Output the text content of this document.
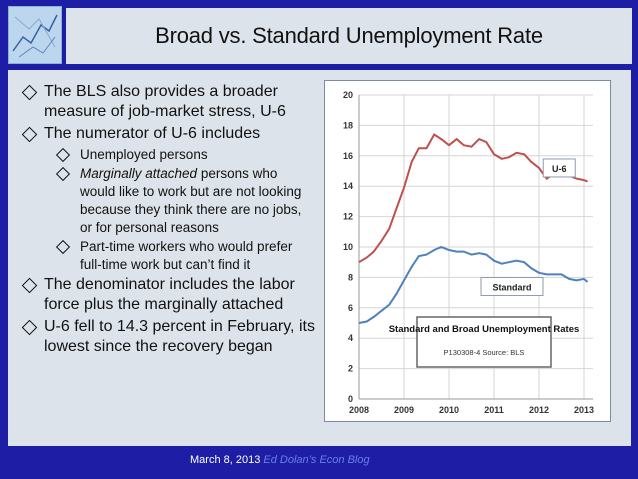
Broad vs. Standard Unemployment Rate
The BLS also provides a broader measure of job-market stress, U-6
The numerator of U-6 includes
Unemployed persons
Marginally attached persons who would like to work but are not looking because they think there are no jobs, or for personal reasons
Part-time workers who would prefer full-time work but can’t find it
The denominator includes the labor force plus the marginally attached
U-6 fell to 14.3 percent in February, its lowest since the recovery began
0
2
4
6
8
10
12
14
16
18
20
2008	2009	2010	2011	2012	2013
U-6
Standard
Standard and Broad Unemployment Rates
P130308-4 Source: BLS
March 8, 2013 Ed Dolan’s Econ Blog
